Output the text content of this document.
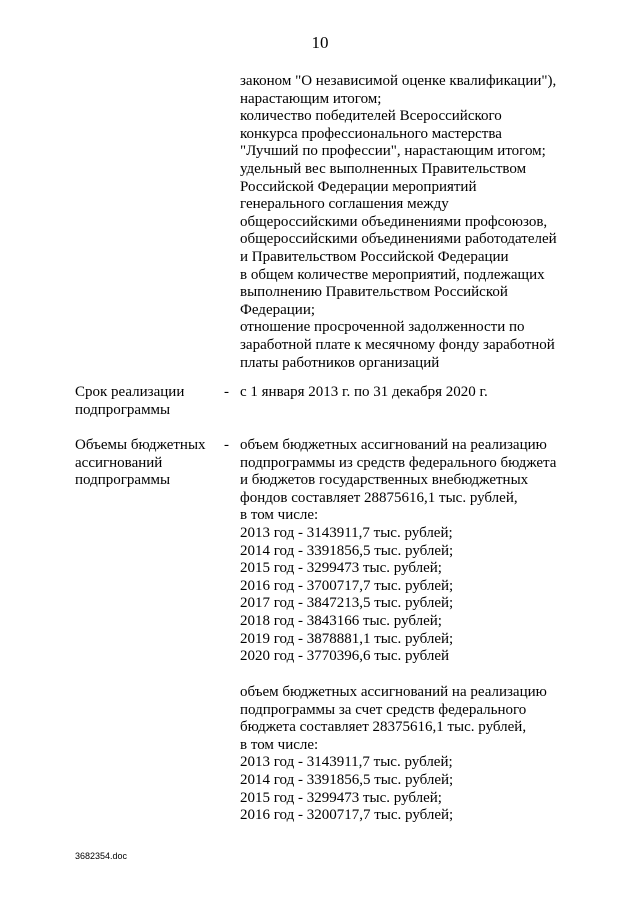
10
законом "О независимой оценке квалификации"),
нарастающим итогом;
количество победителей Всероссийского
конкурса профессионального мастерства
"Лучший по профессии", нарастающим итогом;
удельный вес выполненных Правительством
Российской Федерации мероприятий
генерального соглашения между
общероссийскими объединениями профсоюзов,
общероссийскими объединениями работодателей
и Правительством Российской Федерации
в общем количестве мероприятий, подлежащих
выполнению Правительством Российской
Федерации;
отношение просроченной задолженности по
заработной плате к месячному фонду заработной
платы работников организаций
Срок реализации
подпрограммы
- с 1 января 2013 г. по 31 декабря 2020 г.
Объемы бюджетных
ассигнований
подпрограммы
- объем бюджетных ассигнований на реализацию
подпрограммы из средств федерального бюджета
и бюджетов государственных внебюджетных
фондов составляет 28875616,1 тыс. рублей,
в том числе:
2013 год - 3143911,7 тыс. рублей;
2014 год - 3391856,5 тыс. рублей;
2015 год - 3299473 тыс. рублей;
2016 год - 3700717,7 тыс. рублей;
2017 год - 3847213,5 тыс. рублей;
2018 год - 3843166 тыс. рублей;
2019 год - 3878881,1 тыс. рублей;
2020 год - 3770396,6 тыс. рублей
объем бюджетных ассигнований на реализацию
подпрограммы за счет средств федерального
бюджета составляет 28375616,1 тыс. рублей,
в том числе:
2013 год - 3143911,7 тыс. рублей;
2014 год - 3391856,5 тыс. рублей;
2015 год - 3299473 тыс. рублей;
2016 год - 3200717,7 тыс. рублей;
3682354.doc
